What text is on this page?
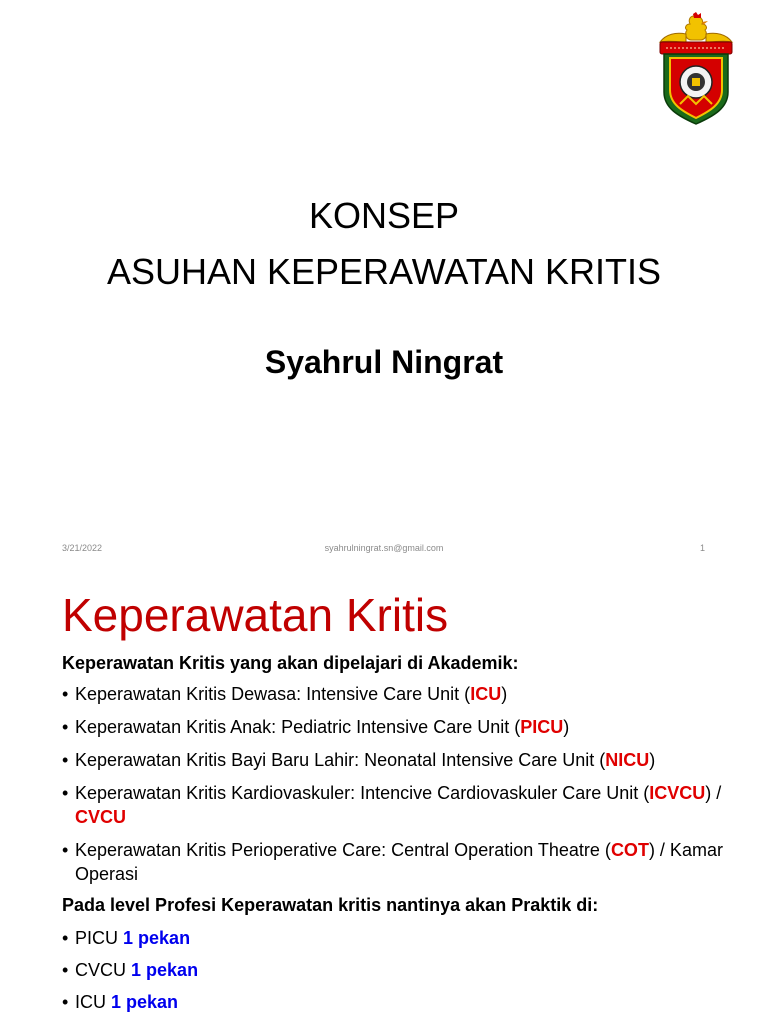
KONSEP
ASUHAN KEPERAWATAN KRITIS
Syahrul Ningrat
3/21/2022	syahrulningrat.sn@gmail.com	1
Keperawatan Kritis
Keperawatan Kritis yang akan dipelajari di Akademik:
• Keperawatan Kritis Dewasa: Intensive Care Unit (ICU)
• Keperawatan Kritis Anak: Pediatric Intensive Care Unit (PICU)
• Keperawatan Kritis Bayi Baru Lahir: Neonatal Intensive Care Unit (NICU)
• Keperawatan Kritis Kardiovaskuler: Intencive Cardiovaskuler Care Unit (ICVCU) / CVCU
• Keperawatan Kritis Perioperative Care: Central Operation Theatre (COT) / Kamar Operasi
Pada level Profesi Keperawatan kritis nantinya akan Praktik di:
• PICU 1 pekan
• CVCU 1 pekan
• ICU 1 pekan
